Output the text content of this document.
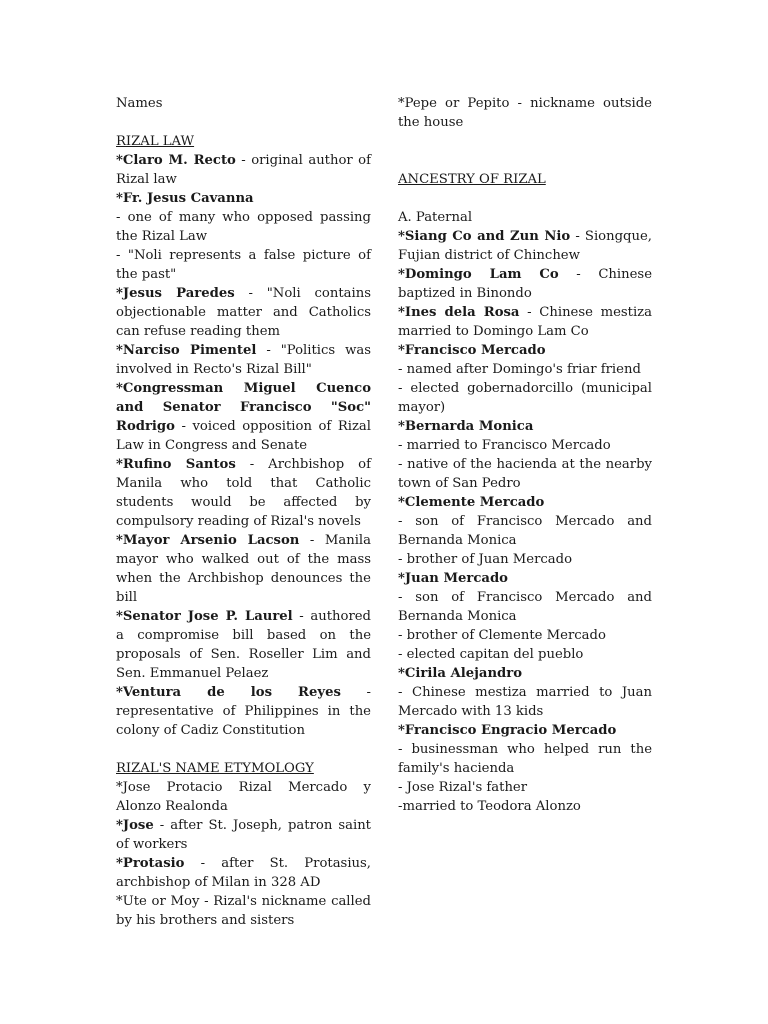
Names

RIZAL LAW

*Claro M. Recto - original author of Rizal law

*Fr. Jesus Cavanna

- one of many who opposed passing the Rizal Law

- "Noli represents a false picture of the past"

*Jesus Paredes - "Noli contains objectionable matter and Catholics can refuse reading them

*Narciso Pimentel - "Politics was involved in Recto's Rizal Bill"

*Congressman Miguel Cuenco and Senator Francisco "Soc" Rodrigo - voiced opposition of Rizal Law in Congress and Senate

*Rufino Santos - Archbishop of Manila who told that Catholic students would be affected by compulsory reading of Rizal's novels

*Mayor Arsenio Lacson - Manila mayor who walked out of the mass when the Archbishop denounces the bill

*Senator Jose P. Laurel - authored a compromise bill based on the proposals of Sen. Roseller Lim and Sen. Emmanuel Pelaez

*Ventura de los Reyes - representative of Philippines in the colony of Cadiz Constitution

RIZAL'S NAME ETYMOLOGY

*Jose Protacio Rizal Mercado y Alonzo Realonda

*Jose - after St. Joseph, patron saint of workers

*Protasio - after St. Protasius, archbishop of Milan in 328 AD

*Ute or Moy - Rizal's nickname called by his brothers and sisters

*Pepe or Pepito - nickname outside the house

ANCESTRY OF RIZAL

A. Paternal

*Siang Co and Zun Nio - Siongque, Fujian district of Chinchew

*Domingo Lam Co - Chinese baptized in Binondo

*Ines dela Rosa - Chinese mestiza married to Domingo Lam Co

*Francisco Mercado

- named after Domingo's friar friend

- elected gobernadorcillo (municipal mayor)

*Bernarda Monica

- married to Francisco Mercado

- native of the hacienda at the nearby town of San Pedro

*Clemente Mercado

- son of Francisco Mercado and Bernanda Monica

- brother of Juan Mercado

*Juan Mercado

- son of Francisco Mercado and Bernanda Monica

- brother of Clemente Mercado

- elected capitan del pueblo

*Cirila Alejandro

- Chinese mestiza married to Juan Mercado with 13 kids

*Francisco Engracio Mercado

- businessman who helped run the family's hacienda

- Jose Rizal's father

-married to Teodora Alonzo
